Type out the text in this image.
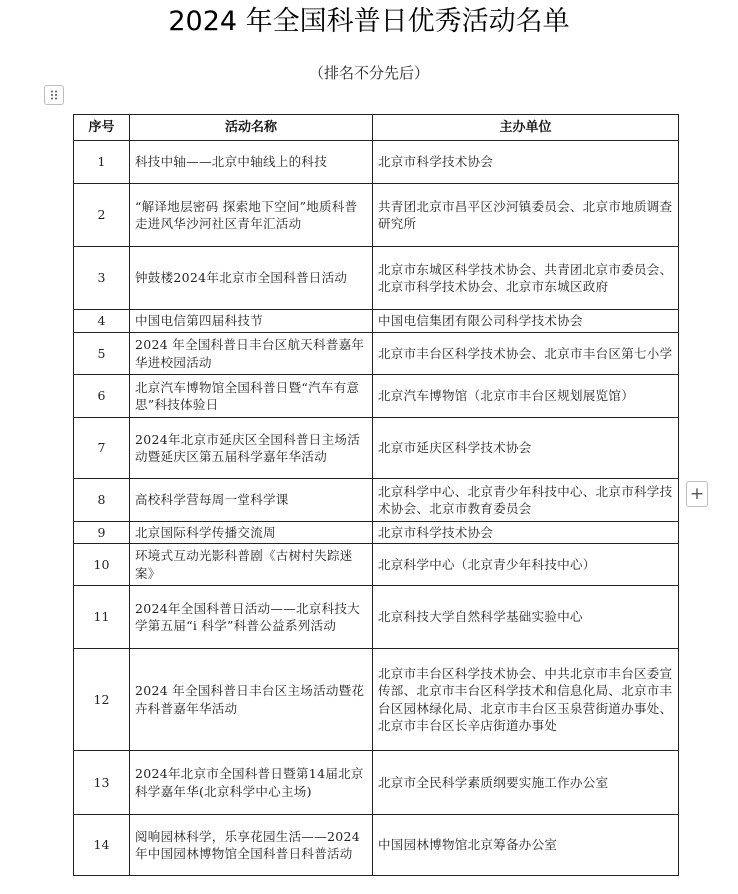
2024 年全国科普日优秀活动名单
（排名不分先后）
+
序号	活动名称	主办单位
1	科技中轴——北京中轴线上的科技	北京市科学技术协会
2	“解译地层密码 探索地下空间”地质科普走进风华沙河社区青年汇活动	共青团北京市昌平区沙河镇委员会、北京市地质调查研究所
3	钟鼓楼2024年北京市全国科普日活动	北京市东城区科学技术协会、共青团北京市委员会、北京市科学技术协会、北京市东城区政府
4	中国电信第四届科技节	中国电信集团有限公司科学技术协会
5	2024 年全国科普日丰台区航天科普嘉年华进校园活动	北京市丰台区科学技术协会、北京市丰台区第七小学
6	北京汽车博物馆全国科普日暨“汽车有意思”科技体验日	北京汽车博物馆（北京市丰台区规划展览馆）
7	2024年北京市延庆区全国科普日主场活动暨延庆区第五届科学嘉年华活动	北京市延庆区科学技术协会
8	高校科学营每周一堂科学课	北京科学中心、北京青少年科技中心、北京市科学技术协会、北京市教育委员会
9	北京国际科学传播交流周	北京市科学技术协会
10	环境式互动光影科普剧《古树村失踪迷案》	北京科学中心（北京青少年科技中心）
11	2024年全国科普日活动——北京科技大学第五届“i 科学”科普公益系列活动	北京科技大学自然科学基础实验中心
12	2024 年全国科普日丰台区主场活动暨花卉科普嘉年华活动	北京市丰台区科学技术协会、中共北京市丰台区委宣传部、北京市丰台区科学技术和信息化局、北京市丰台区园林绿化局、北京市丰台区玉泉营街道办事处、北京市丰台区长辛店街道办事处
13	2024年北京市全国科普日暨第14届北京科学嘉年华(北京科学中心主场)	北京市全民科学素质纲要实施工作办公室
14	阅响园林科学，乐享花园生活——2024年中国园林博物馆全国科普日科普活动	中国园林博物馆北京筹备办公室
